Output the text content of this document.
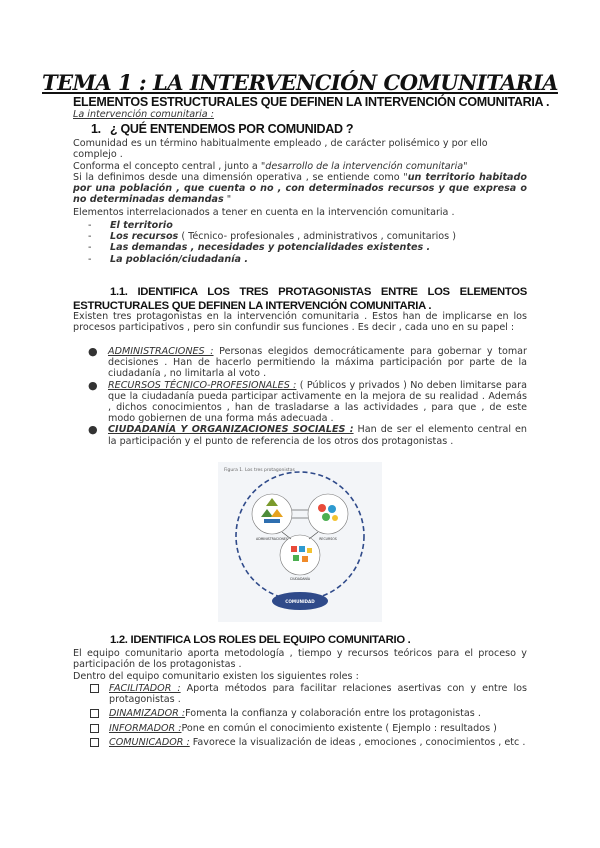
TEMA 1 : LA INTERVENCIÓN COMUNITARIA
ELEMENTOS ESTRUCTURALES QUE DEFINEN LA INTERVENCIÓN COMUNITARIA .
La intervención comunitaria :
1. ¿ QUÉ ENTENDEMOS POR COMUNIDAD ?
Comunidad es un término habitualmente empleado , de carácter polisémico y por ello complejo .
Conforma el concepto central , junto a "desarrollo de la intervención comunitaria"
Si la definimos desde una dimensión operativa , se entiende como "un territorio habitado por una población , que cuenta o no , con determinados recursos y que expresa o no determinadas demandas "
Elementos interrelacionados a tener en cuenta en la intervención comunitaria .
- El territorio
- Los recursos ( Técnico- profesionales , administrativos , comunitarios )
- Las demandas , necesidades y potencialidades existentes .
- La población/ciudadanía .
1.1. IDENTIFICA LOS TRES PROTAGONISTAS ENTRE LOS ELEMENTOS ESTRUCTURALES QUE DEFINEN LA INTERVENCIÓN COMUNITARIA .
Existen tres protagonistas en la intervención comunitaria . Estos han de implicarse en los procesos participativos , pero sin confundir sus funciones . Es decir , cada uno en su papel :
● ADMINISTRACIONES : Personas elegidos democráticamente para gobernar y tomar decisiones . Han de hacerlo permitiendo la máxima participación por parte de la ciudadanía , no limitarla al voto .
● RECURSOS TÉCNICO-PROFESIONALES : ( Públicos y privados ) No deben limitarse para que la ciudadanía pueda participar activamente en la mejora de su realidad . Además , dichos conocimientos , han de trasladarse a las actividades , para que , de este modo gobiernen de una forma más adecuada .
● CIUDADANÍA Y ORGANIZACIONES SOCIALES : Han de ser el elemento central en la participación y el punto de referencia de los otros dos protagonistas .
Figura 1. Los tres protagonistas
ADMINISTRACIONES	RECURSOS
CIUDADANÍA
COMUNIDAD
1.2. IDENTIFICA LOS ROLES DEL EQUIPO COMUNITARIO .
El equipo comunitario aporta metodología , tiempo y recursos teóricos para el proceso y participación de los protagonistas .
Dentro del equipo comunitario existen los siguientes roles :
FACILITADOR : Aporta métodos para facilitar relaciones asertivas con y entre los protagonistas .
DINAMIZADOR :Fomenta la confianza y colaboración entre los protagonistas .
INFORMADOR :Pone en común el conocimiento existente ( Ejemplo : resultados )
COMUNICADOR : Favorece la visualización de ideas , emociones , conocimientos , etc .
